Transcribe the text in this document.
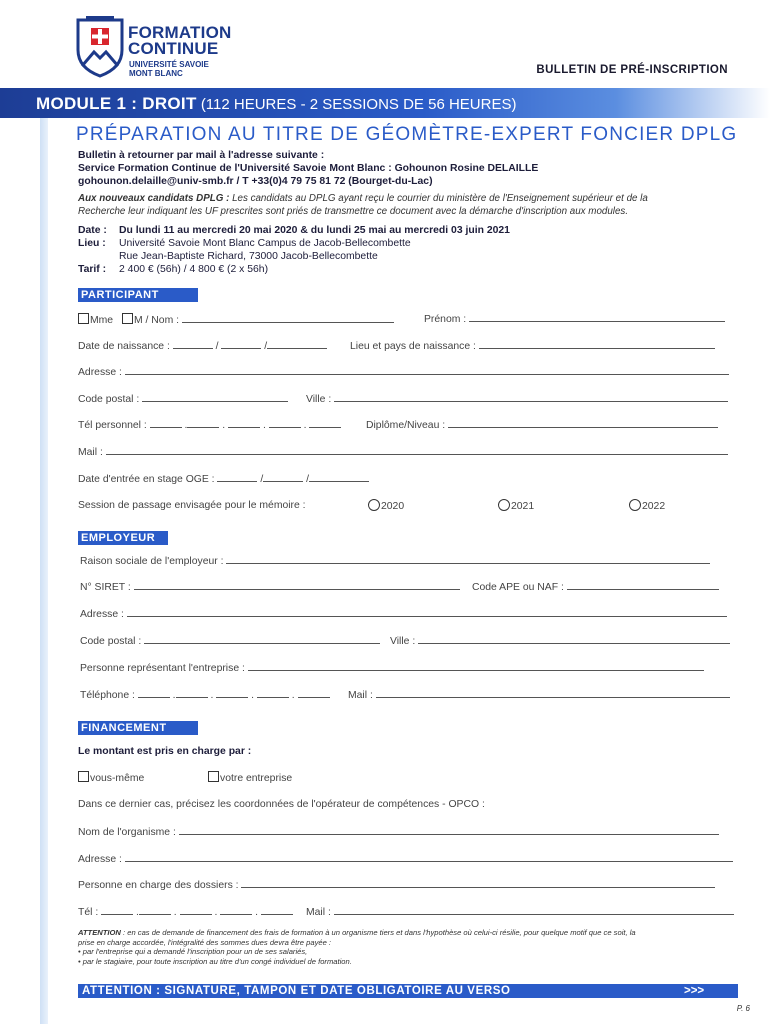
FORMATION
CONTINUE
UNIVERSITÉ SAVOIE
MONT BLANC	BULLETIN DE PRÉ-INSCRIPTION
MODULE 1 : DROIT (112 HEURES - 2 SESSIONS DE 56 HEURES)
PRÉPARATION AU TITRE DE GÉOMÈTRE-EXPERT FONCIER DPLG
Bulletin à retourner par mail à l'adresse suivante :
Service Formation Continue de l'Université Savoie Mont Blanc : Gohounon Rosine DELAILLE
gohounon.delaille@univ-smb.fr / T +33(0)4 79 75 81 72 (Bourget-du-Lac)
Aux nouveaux candidats DPLG : Les candidats au DPLG ayant reçu le courrier du ministère de l'Enseignement supérieur et de la
Recherche leur indiquant les UF prescrites sont priés de transmettre ce document avec la démarche d'inscription aux modules.
Date : Du lundi 11 au mercredi 20 mai 2020 & du lundi 25 mai au mercredi 03 juin 2021
Lieu : Université Savoie Mont Blanc Campus de Jacob-Bellecombette
Rue Jean-Baptiste Richard, 73000 Jacob-Bellecombette
Tarif : 2 400 € (56h) / 4 800 € (2 x 56h)
PARTICIPANT
Mme M / Nom :	Prénom :
Date de naissance :	/	/	Lieu et pays de naissance :
Adresse :
Code postal :	Ville :
Tél personnel :	.	.	.	.	Diplôme/Niveau :
Mail :
Date d'entrée en stage OGE :	/	/
Session de passage envisagée pour le mémoire :	2020	2021	2022
EMPLOYEUR
Raison sociale de l'employeur :
N° SIRET :	Code APE ou NAF :
Adresse :
Code postal :	Ville :
Personne représentant l'entreprise :
Téléphone :	.	.	.	.	Mail :
FINANCEMENT
Le montant est pris en charge par :
vous-même	votre entreprise
Dans ce dernier cas, précisez les coordonnées de l'opérateur de compétences - OPCO :
Nom de l'organisme :
Adresse :
Personne en charge des dossiers :
Tél :	.	.	.	.	Mail :
ATTENTION : en cas de demande de financement des frais de formation à un organisme tiers et dans l'hypothèse où celui-ci résilie, pour quelque motif que ce soit, la
prise en charge accordée, l'intégralité des sommes dues devra être payée :
• par l'entreprise qui a demandé l'inscription pour un de ses salariés,
• par le stagiaire, pour toute inscription au titre d'un congé individuel de formation.
ATTENTION : SIGNATURE, TAMPON ET DATE OBLIGATOIRE AU VERSO	>>>
P. 6
